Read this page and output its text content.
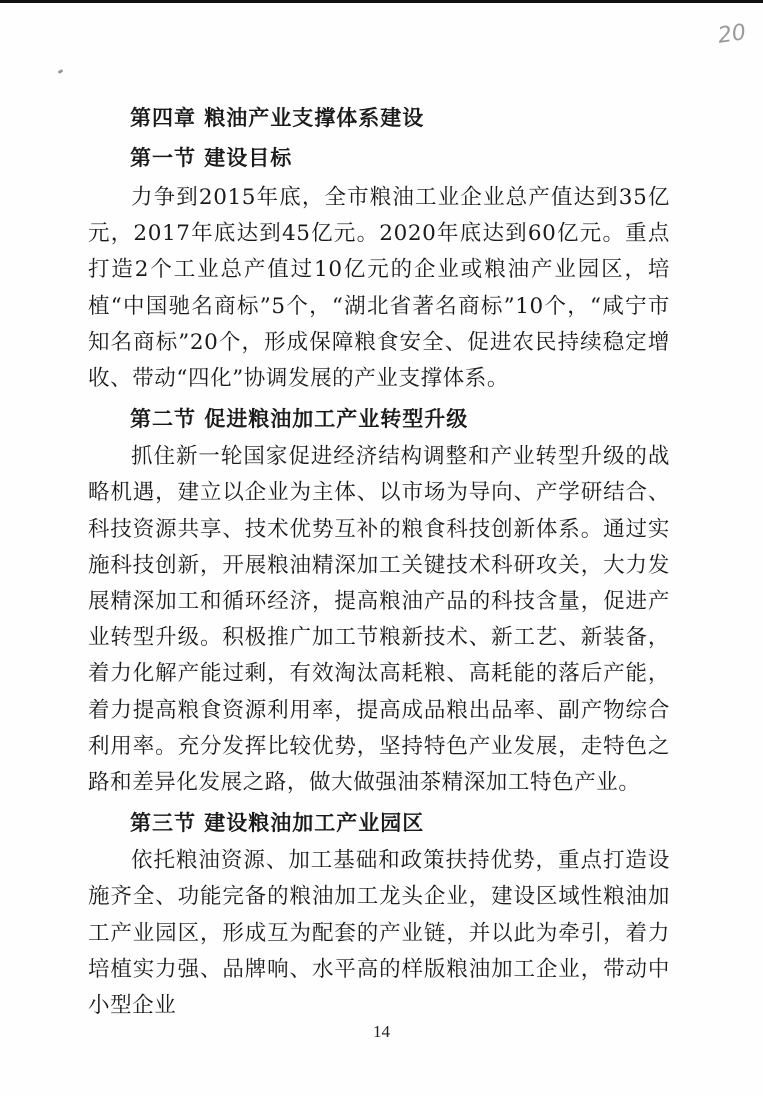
20
第四章 粮油产业支撑体系建设
第一节 建设目标

力争到2015年底，全市粮油工业企业总产值达到35亿元，2017年底达到45亿元。2020年底达到60亿元。重点打造2个工业总产值过10亿元的企业或粮油产业园区，培植“中国驰名商标”5个，“湖北省著名商标”10个，“咸宁市知名商标”20个，形成保障粮食安全、促进农民持续稳定增收、带动“四化”协调发展的产业支撑体系。

第二节 促进粮油加工产业转型升级

抓住新一轮国家促进经济结构调整和产业转型升级的战略机遇，建立以企业为主体、以市场为导向、产学研结合、科技资源共享、技术优势互补的粮食科技创新体系。通过实施科技创新，开展粮油精深加工关键技术科研攻关，大力发展精深加工和循环经济，提高粮油产品的科技含量，促进产业转型升级。积极推广加工节粮新技术、新工艺、新装备，着力化解产能过剩，有效淘汰高耗粮、高耗能的落后产能，着力提高粮食资源利用率，提高成品粮出品率、副产物综合利用率。充分发挥比较优势，坚持特色产业发展，走特色之路和差异化发展之路，做大做强油茶精深加工特色产业。

第三节 建设粮油加工产业园区

依托粮油资源、加工基础和政策扶持优势，重点打造设施齐全、功能完备的粮油加工龙头企业，建设区域性粮油加工产业园区，形成互为配套的产业链，并以此为牵引，着力培植实力强、品牌响、水平高的样版粮油加工企业，带动中小型企业

14
